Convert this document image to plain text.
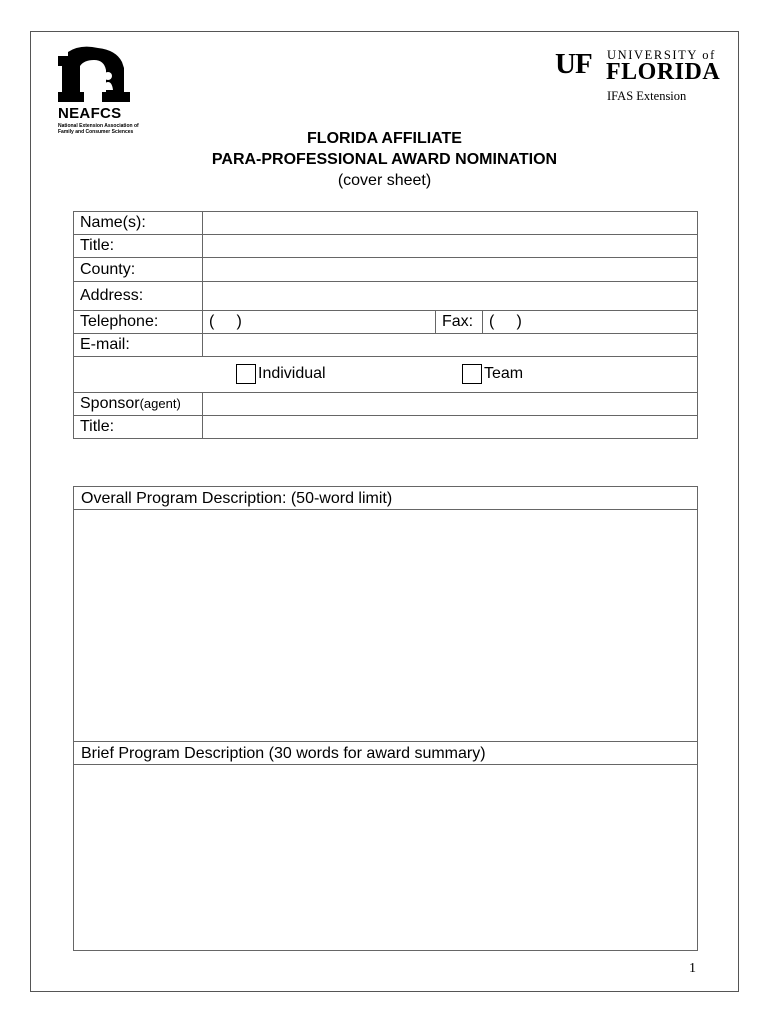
NEAFCS
National Extension Association of Family and Consumer Sciences
UF UNIVERSITY of
FLORIDA
IFAS Extension
FLORIDA AFFILIATE
PARA-PROFESSIONAL AWARD NOMINATION
(cover sheet)
Name(s):			
Title:			
County:			
Address:			
Telephone:	(     )	Fax:	(     )
E-mail:			

Individual Team			

Sponsor(agent)			
Title:			
Overall Program Description: (50-word limit)
Brief Program Description (30 words for award summary)
1
